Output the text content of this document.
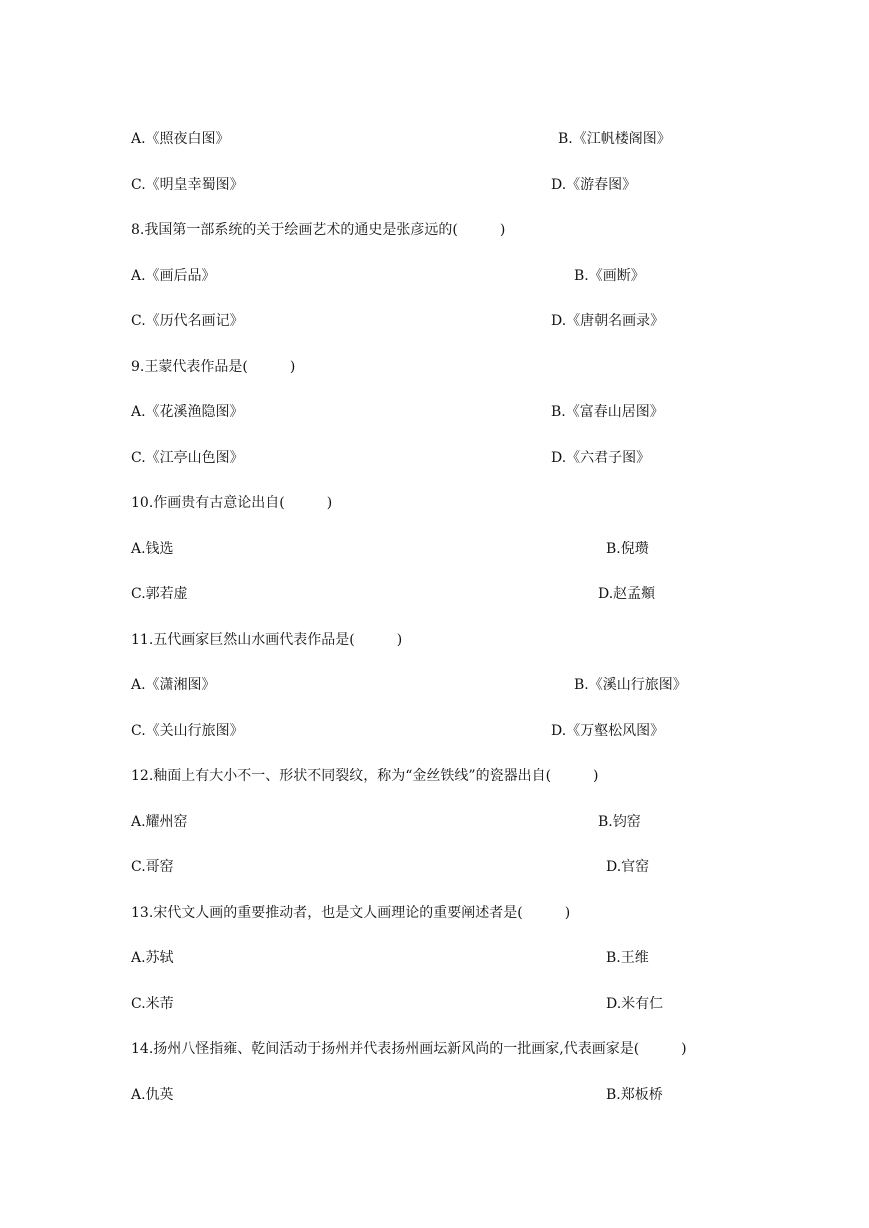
A.《照夜白图》	B.《江帆楼阁图》
C.《明皇幸蜀图》	D.《游春图》
8.我国第一部系统的关于绘画艺术的通史是张彦远的(　　　)
A.《画后品》	B.《画断》
C.《历代名画记》	D.《唐朝名画录》
9.王蒙代表作品是(　　　)
A.《花溪渔隐图》	B.《富春山居图》
C.《江亭山色图》	D.《六君子图》
10.作画贵有古意论出自(　　　)
A.钱选	B.倪瓒
C.郭若虚	D.赵孟頫
11.五代画家巨然山水画代表作品是(　　　)
A.《潇湘图》	B.《溪山行旅图》
C.《关山行旅图》	D.《万壑松风图》
12.釉面上有大小不一、形状不同裂纹，称为“金丝铁线”的瓷器出自(　　　)
A.耀州窑	B.钧窑
C.哥窑	D.官窑
13.宋代文人画的重要推动者，也是文人画理论的重要阐述者是(　　　)
A.苏轼	B.王维
C.米芾	D.米有仁
14.扬州八怪指雍、乾间活动于扬州并代表扬州画坛新风尚的一批画家,代表画家是(　　　)
A.仇英	B.郑板桥
